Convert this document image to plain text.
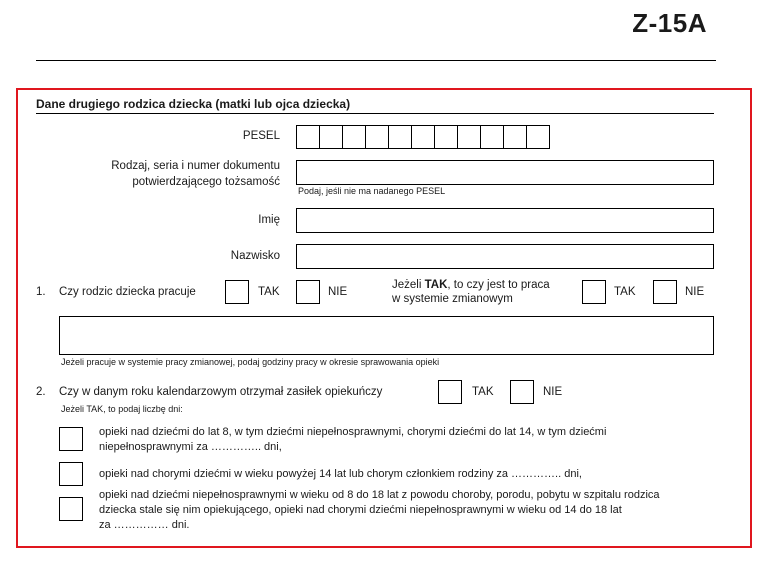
Z-15A
Dane drugiego rodzica dziecka (matki lub ojca dziecka)
PESEL
Rodzaj, seria i numer dokumentu
potwierdzającego tożsamość
Podaj, jeśli nie ma nadanego PESEL
Imię
Nazwisko
1. Czy rodzic dziecka pracuje	TAK	NIE
Jeżeli TAK, to czy jest to praca
w systemie zmianowym
TAK	NIE
Jeżeli pracuje w systemie pracy zmianowej, podaj godziny pracy w okresie sprawowania opieki
2. Czy w danym roku kalendarzowym otrzymał zasiłek opiekuńczy
Jeżeli TAK, to podaj liczbę dni:
TAK	NIE
opieki nad dziećmi do lat 8, w tym dziećmi niepełnosprawnymi, chorymi dziećmi do lat 14, w tym dziećmi
niepełnosprawnymi za ………….. dni,
opieki nad chorymi dziećmi w wieku powyżej 14 lat lub chorym członkiem rodziny za ………….. dni,
opieki nad dziećmi niepełnosprawnymi w wieku od 8 do 18 lat z powodu choroby, porodu, pobytu w szpitalu rodzica
dziecka stale się nim opiekującego, opieki nad chorymi dziećmi niepełnosprawnymi w wieku od 14 do 18 lat
za …………… dni.
